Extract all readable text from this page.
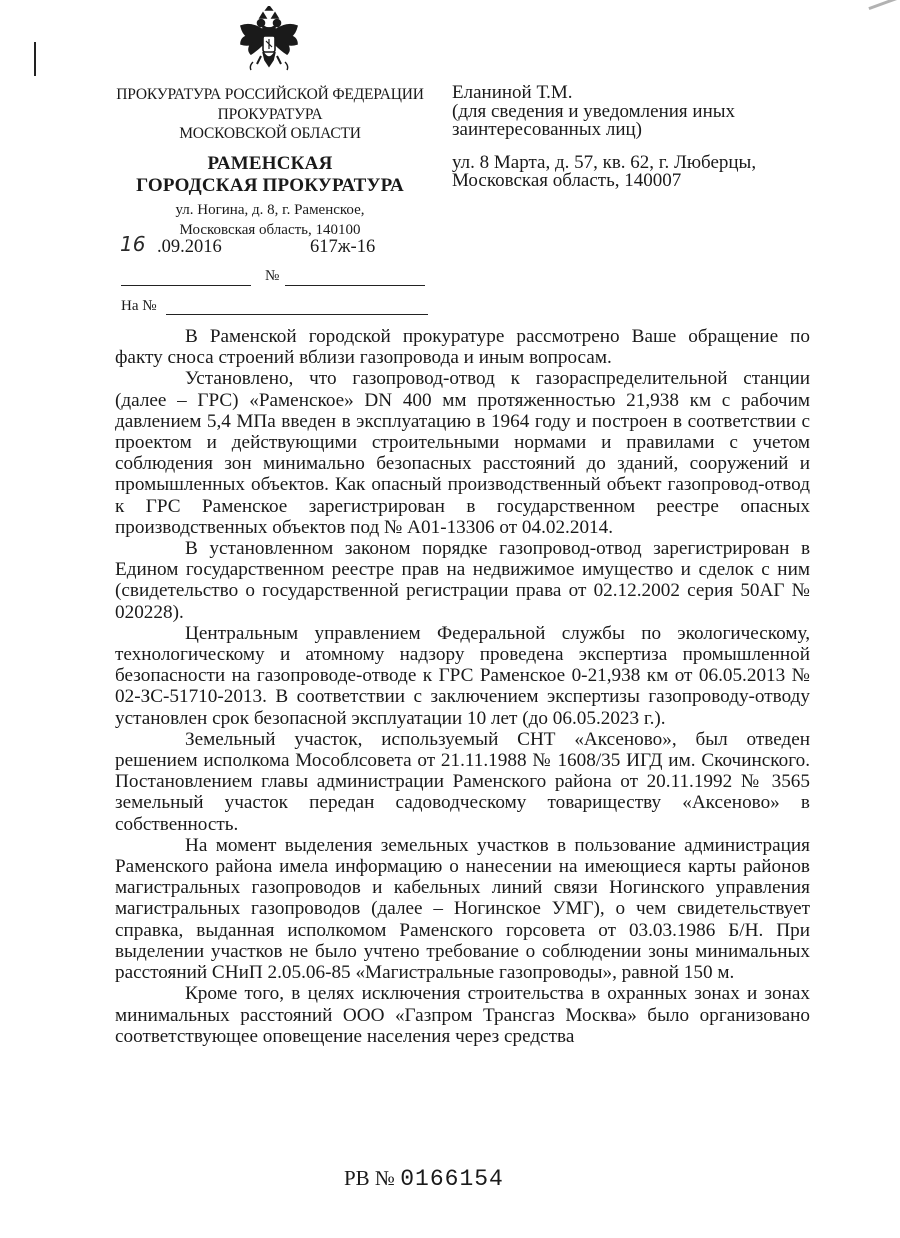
ПРОКУРАТУРА РОССИЙСКОЙ ФЕДЕРАЦИИ
ПРОКУРАТУРА
МОСКОВСКОЙ ОБЛАСТИ
РАМЕНСКАЯ
ГОРОДСКАЯ ПРОКУРАТУРА
ул. Ногина, д. 8, г. Раменское,
Московская область, 140100
16 .09.2016	617ж-16
№
На №
Еланиной Т.М.
(для сведения и уведомления иных
заинтересованных лиц)
ул. 8 Марта, д. 57, кв. 62, г. Люберцы,
Московская область, 140007

В Раменской городской прокуратуре рассмотрено Ваше обращение по факту сноса строений вблизи газопровода и иным вопросам.

Установлено, что газопровод-отвод к газораспределительной станции (далее – ГРС) «Раменское» DN 400 мм протяженностью 21,938 км с рабочим давлением 5,4 МПа введен в эксплуатацию в 1964 году и построен в соответствии с проектом и действующими строительными нормами и правилами с учетом соблюдения зон минимально безопасных расстояний до зданий, сооружений и промышленных объектов. Как опасный производственный объект газопровод-отвод к ГРС Раменское зарегистрирован в государственном реестре опасных производственных объектов под № А01-13306 от 04.02.2014.

В установленном законом порядке газопровод-отвод зарегистрирован в Едином государственном реестре прав на недвижимое имущество и сделок с ним (свидетельство о государственной регистрации права от 02.12.2002 серия 50АГ № 020228).

Центральным управлением Федеральной службы по экологическому, технологическому и атомному надзору проведена экспертиза промышленной безопасности на газопроводе-отводе к ГРС Раменское 0-21,938 км от 06.05.2013 № 02-ЗС-51710-2013. В соответствии с заключением экспертизы газопроводу-отводу установлен срок безопасной эксплуатации 10 лет (до 06.05.2023 г.).

Земельный участок, используемый СНТ «Аксеново», был отведен решением исполкома Мособлсовета от 21.11.1988 № 1608/35 ИГД им. Скочинского. Постановлением главы администрации Раменского района от 20.11.1992 № 3565 земельный участок передан садоводческому товариществу «Аксеново» в собственность.

На момент выделения земельных участков в пользование администрация Раменского района имела информацию о нанесении на имеющиеся карты районов магистральных газопроводов и кабельных линий связи Ногинского управления магистральных газопроводов (далее – Ногинское УМГ), о чем свидетельствует справка, выданная исполкомом Раменского горсовета от 03.03.1986 Б/Н. При выделении участков не было учтено требование о соблюдении зоны минимальных расстояний СНиП 2.05.06-85 «Магистральные газопроводы», равной 150 м.

Кроме того, в целях исключения строительства в охранных зонах и зонах минимальных расстояний ООО «Газпром Трансгаз Москва» было организовано соответствующее оповещение населения через средства

РВ № 0166154
